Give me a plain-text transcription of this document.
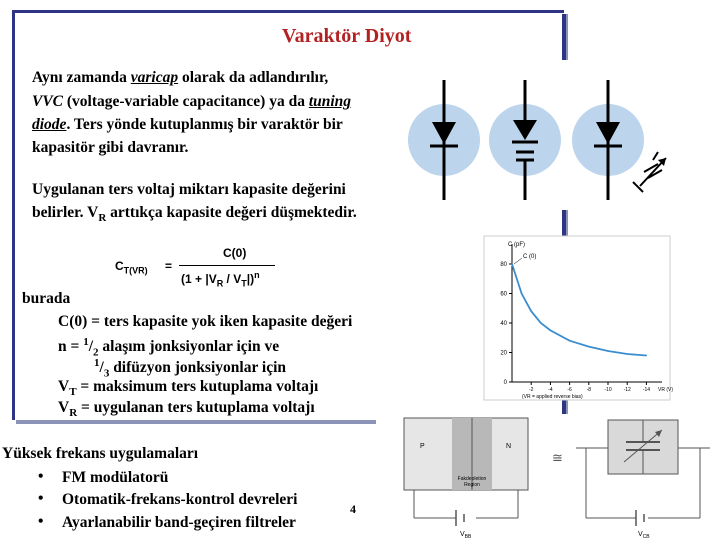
Varaktör Diyot
Aynı zamanda varicap olarak da adlandırılır,
VVC (voltage-variable capacitance) ya da tuning
diode. Ters yönde kutuplanmış bir varaktör bir
kapasitör gibi davranır.
Uygulanan ters voltaj miktarı kapasite değerini
belirler. $V_R$ arttıkça kapasite değeri düşmektedir.
$C_{T(VR)}$ =
C(0)
$(1 + |V_R / V_T|)^n$
burada
C(0) = ters kapasite yok iken kapasite değeri
$n = ^1/_2$ alaşım jonksiyonlar için ve
$^1/_3$ difüzyon jonksiyonlar için
$V_T$ = maksimum ters kutuplama voltajı
$V_R$ = uygulanan ters kutuplama voltajı
Yüksek frekans uygulamaları
• FM modülatorü
• Otomatik-frekans-kontrol devreleri
• Ayarlanabilir band-geçiren filtreler
4
C (pF)
80
60
40
20
0
-2	-4	-6	-8	-10 -12 -14 VR (V)
(VR = applied reverse bias)
C (0)
P	N
Fakdepletion
Region
$V_{BB}$
≅
$V_{CB}$
